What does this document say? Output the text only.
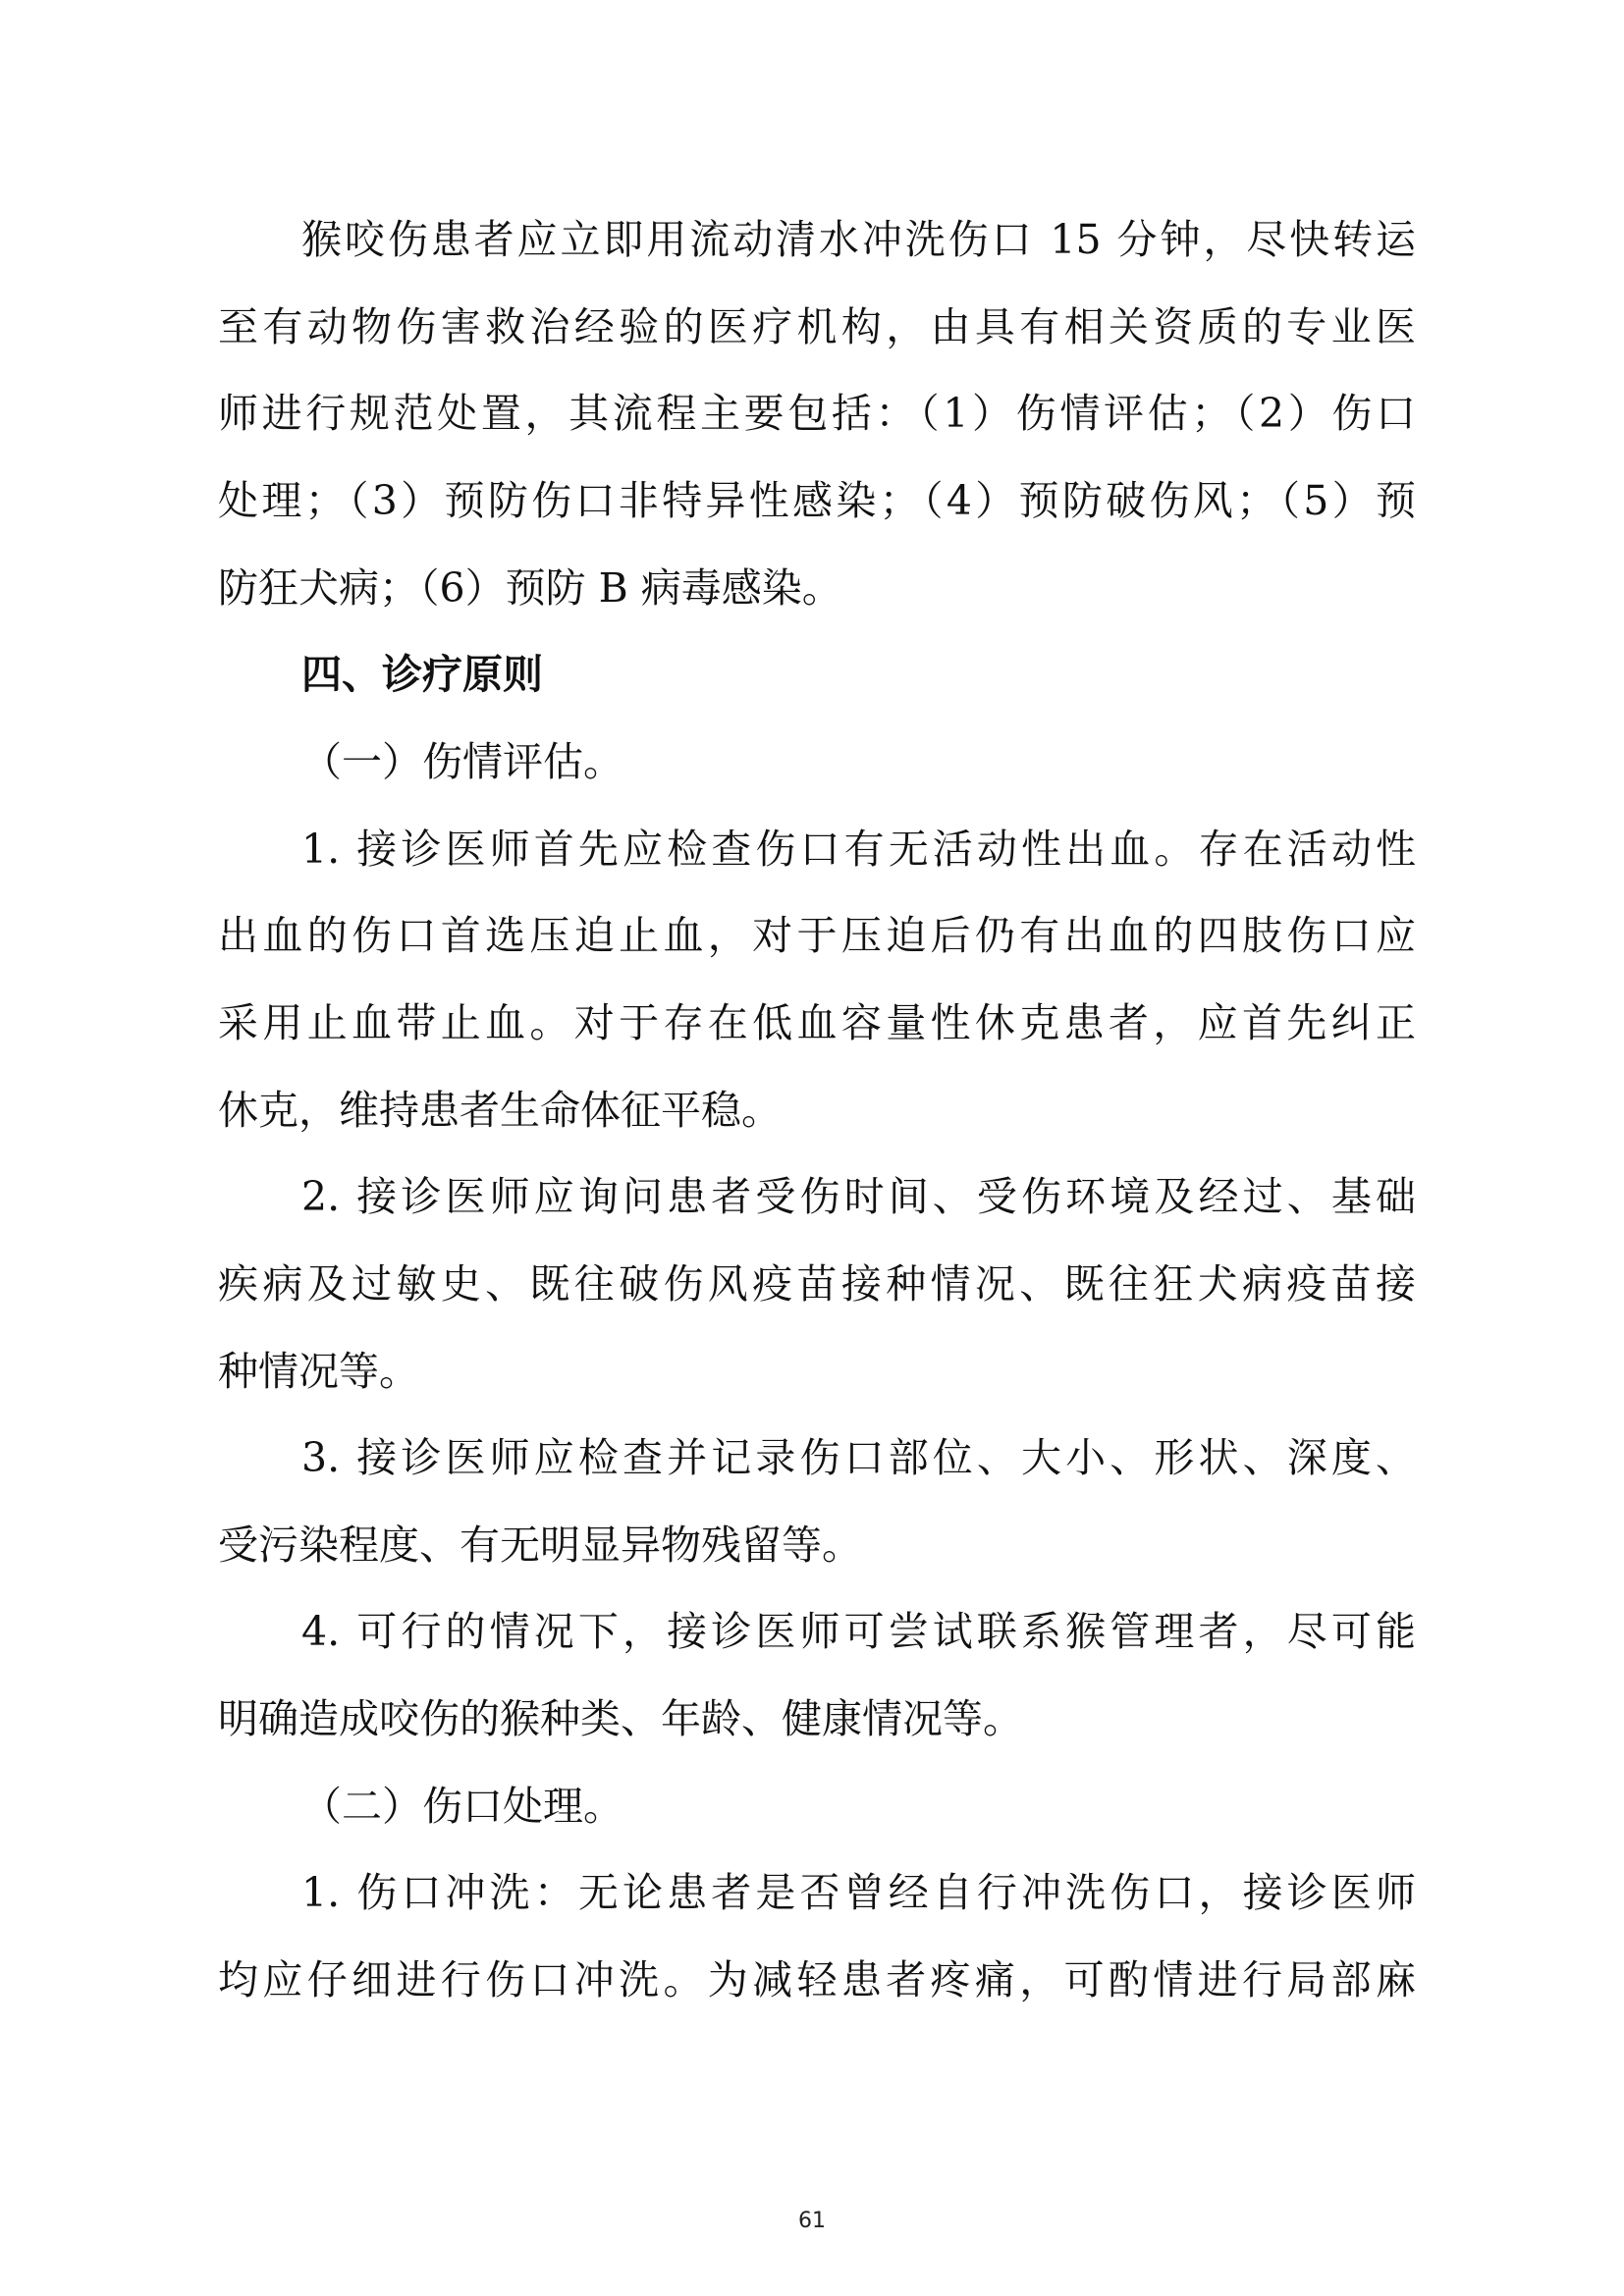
猴咬伤患者应立即用流动清水冲洗伤口 15 分钟，尽快转运
至有动物伤害救治经验的医疗机构，由具有相关资质的专业医
师进行规范处置，其流程主要包括：（1）伤情评估；（2）伤口
处理；（3）预防伤口非特异性感染；（4）预防破伤风；（5）预
防狂犬病；（6）预防 B 病毒感染。
四、诊疗原则
（一）伤情评估。
1. 接诊医师首先应检查伤口有无活动性出血。存在活动性
出血的伤口首选压迫止血，对于压迫后仍有出血的四肢伤口应
采用止血带止血。对于存在低血容量性休克患者，应首先纠正
休克，维持患者生命体征平稳。
2. 接诊医师应询问患者受伤时间、受伤环境及经过、基础
疾病及过敏史、既往破伤风疫苗接种情况、既往狂犬病疫苗接
种情况等。
3. 接诊医师应检查并记录伤口部位、大小、形状、深度、
受污染程度、有无明显异物残留等。
4. 可行的情况下，接诊医师可尝试联系猴管理者，尽可能
明确造成咬伤的猴种类、年龄、健康情况等。
（二）伤口处理。
1. 伤口冲洗：无论患者是否曾经自行冲洗伤口，接诊医师
均应仔细进行伤口冲洗。为减轻患者疼痛，可酌情进行局部麻
61
